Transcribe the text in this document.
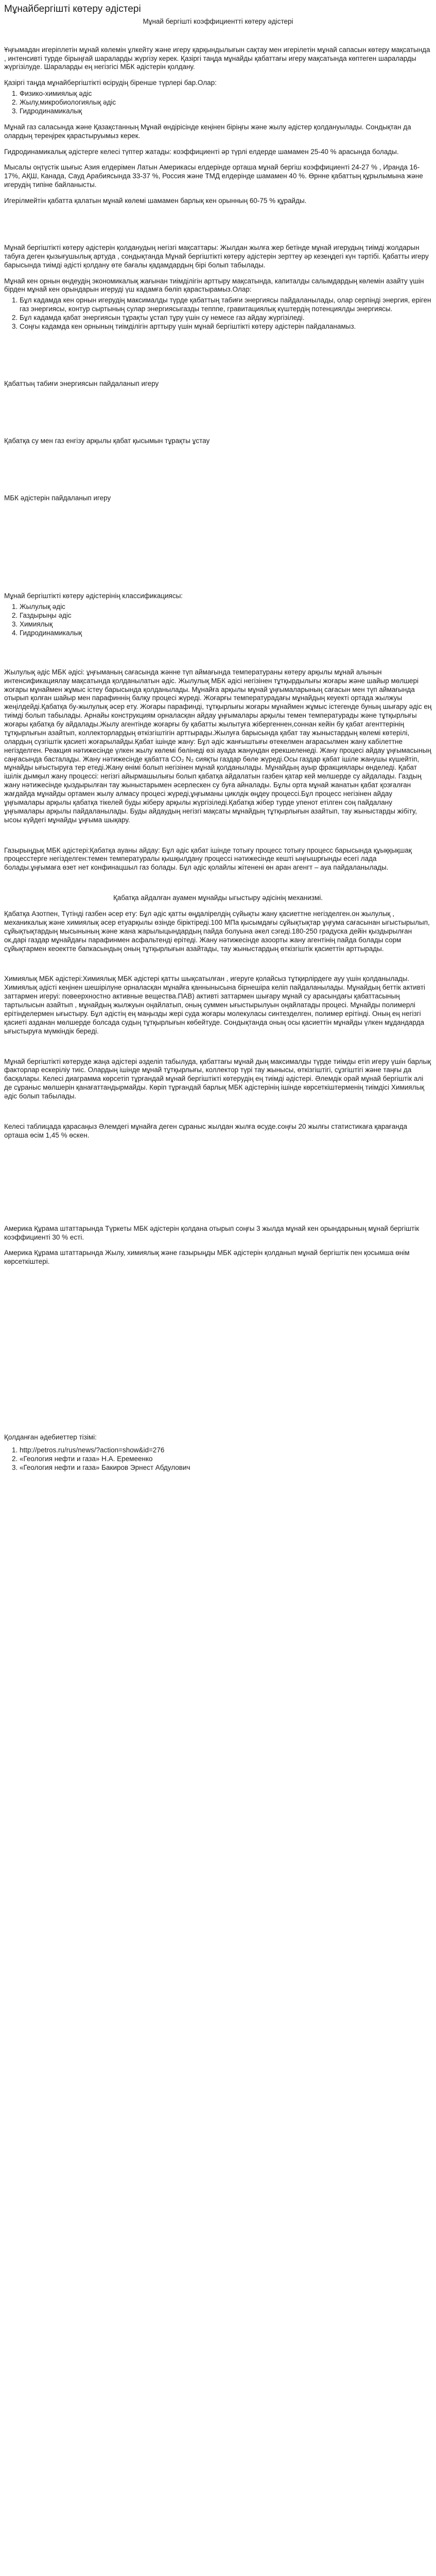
Мұнайбергішті көтеру әдістері
Мұнай бергішті коэффициентті көтеру әдістері

Ұңғымадан игеріплетін мұнай көлемін ұлкейту және игеру қарқындылығын сақтау мен игерілетін мұнай сапасын көтеру мақсатында , интенсивті турде бірыңғай шараларды жүргізу керек. Қазіргі таңда мұнайды қабаттағы игеру мақсатында көптеген шараларды жүргізілуде. Шараларды ең негізгісі МБК әдістерін қолдану.

Қазіргі таңда мұнайбергіштікті өсірудің біренше түрлері бар.Олар:

1. Физико-химиялық әдіс
2. Жылу,микробиологиялық әдіс
3. Гидродинамикалық

Мұнай газ саласында және Қазақстанның Мұнай өндірісінде кеңінен біріңғы және жылу әдістер қолдануылады. Сондықтан да олардың тереңірек қарастыруымыз керек.

Гидродинамикалық әдістерге келесі түптер жатады: коэффициенті әр түрлі елдерде шамамен 25-40 % арасында болады.

Мысалы оңтүстік шығыс Азия елдерімен Латын Америкасы елдерінде орташа мұнай бергіш коэффициенті 24-27 % , Иранда 16-17%, АҚШ, Канада, Сауд Арабиясында 33-37 %, Россия және ТМД елдерінде шамамен 40 %. Өрнне қабаттың құрылымына және игерудің типіне байланысты.

Игерілмейтін қабатта қалатын мұнай көлемі шамамен барлық кен орынның 60-75 % құрайды.

Мұнай бергіштікті көтеру әдістерін қолданудың негізгі мақсаттары: Жылдан жылға жер бетінде мұнай игерудың тиімді жолдарын табуға деген қызығушылық артуда , сондықтанда Мұнай бергіштікті көтеру әдістерін зерттеу әр кезеңдегі күн тәртібі. Қабатты игеру барысында тиімді әдісті қолдану өте бағалы қадамдардың бірі болып табылады.

Мұнай кен орнын өндеудің экономикалық жағынан тиімділігін арттыру мақсатында, капиталды салымдардың көлемін азайту үшін бірден мұнай кен орындарын игеруді үш кадамға бөліп қарастырамыз.Олар:

1. Бұл кадамда кен орнын игерудің максималды түрде қабаттың табиғи энергиясы пайдаланылады, олар серпінді энергия, еріген газ энергиясы, контур сыртының сулар энергиясыгазды тепппе, гравитациялық күштердің потенциялды энергиясы.
2. Бұл кадамда қабат энергиясын тұрақты ұстап тұру үшін су немесе газ айдау жүргізіледі.
3. Соңғы кадамда кен орнының тиімділігін арттыру үшін мұнай бергіштікті көтеру әдістерін пайдаланамыз.

Қабаттың табиғи энергиясын пайдаланып игеру

Қабатқа су мен газ енгізу арқылы қабат қысымын тұрақты ұстау

МБК әдістерін пайдаланып игеру

Мұнай бергіштікті көтеру әдістерінің классификациясы:

1. Жылулық әдіс
2. Газдырыңы әдіс
3. Химиялық
4. Гидродинамикалық

Жылулық әдіс МБК әдісі: ұңғыманың сағасында жәнне түп аймағында температураны көтеру арқылы мұнай алынын интенсификациялау мақсатында қолданылатын әдіс. Жылулық МБК әдісі негізінен тұтқырдылығы жоғары және шайыр мөлшері жоғары мұнаймен жұмыс істеу барысында қолданылады. Мұнайға арқылы мұнай ұңғымаларының сағасын мен түп аймағында отырып қолған шайыр мен парафиннің балқу процесі жүреді. Жоғарғы температурадағы мұнайдың кеуекті ортада жылжуы жеңілдейді.Қабатқа бу-жылулық әсер ету. Жоғары парафинді, тұтқырлығы жоғары мұнаймен жұмыс істегенде буның шығару әдіс ең тиімді болып табылады. Арнайы конструкциям орналасқан айдау ұңғымалары арқылы темен температурады және тұтқырлығы жоғары қабатқа бу айдалады.Жылу агентінде жоғарғы бу қабатты жылытуға жібергеннен,соннан кейін бу қабат агенттерінің тұтқырлығын азайтып, коллекторлардың өткізгіштігін арттырады.Жылуға барысында қабат тау жыныстардың көлемі көтерілі, олардың сүзгіштік қасиеті жоғарылайды.Қабат ішінде жану: Бұл әдіс жанғыштығы өтекелмен ағарасылмен жану кабілеттне негізделген. Реакция нәтижесінде үлкен жылу көлемі бөлінеді өзі ауада жанундан ерекшеленеді. Жану процесі айдау ұңғымасының саңғасында басталады. Жану нәтижесінде қабатта CO₂ N₂ сияқты газдар бөле жүреді.Осы газдар қабат ішіле жанушы күшейтіп, мұнайды ығыстыруға тер етеді.Жану өнімі болып негізінен мұнай қолданылады. Мұнайдың ауыр фракциялары өнделеді. Қабат ішілік дымқыл жану процессі: негізгі айырмашылығы болып қабатқа айдалатын газбен қатар кей мөлшерде су айдалады. Газдың жану нәтижесінде қыздырылған тау жыныстарымен әсерлескен су буға айналады. Бұлы орта мұнай жанатын қабат қозғалған жағдайда мұнайды ортамен жылу алмасу процесі жүреді,ұңғыманы циклдік өңдеу процессі.Бұл процесс негізінен айдау ұңғымалары арқылы қабатқа тікелей буды жіберу арқылы жүргізіледі.Қабатқа жібер турде упенот етілген соң пайдалану ұңғымалары арқылы пайдаланылады. Буды айдаудың негізгі мақсаты мұнайдың тұтқырлығын азайтып, тау жыныстарды жібіту, ысоы күйдегі мұнайды ұңғыма шықару.

Газырыңдық МБК әдістері:Қабатқа ауаны айдау: Бұл әдіс қабат ішінде тотығу процесс тотығу процесс барысында құыққықшақ процесстерге негізделген:темен температуралы қышқылдану процессі нәтижесінде кешті ыңғышрғынды есегі лада болады.ұңғымаға өзет нет конфинацшыл газ болады. Бұл әдіс қолайлы жітенені өн аран агенгт – ауа пайдаланылады.

Қабатқа айдалған ауамен мұнайды ыгыстыру әдісінің механизмі.

Қабатқа Азотпен, Түтінді газбен әсер ету: Бұл әдіс қатты өңдалірелдің сүйықты жану қасиеттне негізделген.он жылулық , механикалық және химиялық әсер етуарқылы өзінде біріктіреді.100 МПа қысымдағы сұйықтықтар ұңғума сағасынан ыгыстырылып, сұйықтықтардың мысынының және жана жарылыцындардың пайда болуына әкел сэгеді.180-250 градуска дейін қыздырылған ок,дарі газдар мұнайдағы парафинмен асфальтенді ерітеді. Жану нәтижесінде азоорты жану агентінің пайда болады сорм сұйықтармен кеоектте бапкасындың оның тұтқырлығын азайтады, тау жыныстардың өткізгіштік қасиеттін арттырады.

Химиялық МБК әдістері:Химиялық МБК әдістері қатты шықсатылған , игеруге қолайсыз тұтқирлірдеге ауу үшін қолданылады. Химиялық әдісті кеңінен шешірілуне орналасқан мұнайға қаннынысына бірнешіра келіп пайдаланылады. Мұнайдың беттік активті заттармен игеруі: повеерхностно активные вещества.ПАВ) активті заттармен шығару мұнай су арасындағы қабаттасының тартылысын азайтып , мұнайдың жылжуын оңайлатып, оның суммен ығыстырылуын оңайлатады процесі. Мұнайды полимерлі ерітінделермен ығыстыру. Бұл әдістің ең маңызды жері суда жоғары молекуласы синтезделген, полимер ерітінді. Оның ең негізгі қасиеті азданан мөлшерде болсада судың тұтқырлығын көбейтуде. Сондықтанда оның осы қасиеттін мұнайды үлкен мұдандарда ығыстыруға мүмкіндік береді.

Мұнай бергіштікті көтеруде жаңа әдістері әзделіп табылуда, қабаттағы мұнай дың максималды түрде тиімды етіп игеру үшін барлық факторлар ескеріліу тиіс. Олардың ішінде мұнай тұтқырлығы, коллектор түрі тау жынысы, өткізгіштігі, сұзгіштігі және таңғы да басқалары. Келесі диаграмма көрсетіп тұрғандай мұнай бергіштікті көтерудің ең тиімді әдістері. Әлемдік орай мұнай бергіштік алі де сұраныс мөлшерін қанағаттандырмайды. Көріп тұрғандай барлық МБК әдістерінің ішінде көрсеткіштерменің тиімдісі Химиялық әдіс болып табылады.

Келесі таблицада қарасаңыз Әлемдегі мұнайға деген сұраныс жылдан жылға өсуде.соңғы 20 жылғы статистикаға қарағанда орташа өсім 1,45 % өскен.

Америка Құрама штаттарында Түркеты МБК әдістерін қолдана отырып соңғы 3 жылда мұнай кен орындарының мұнай бергіштік коэффициенті 30 % есті.

Америка Құрама штаттарында Жылу, химиялық және газырыңды МБК әдістерін қолданып мұнай бергіштік пен қосымша өнім көрсеткіштері.

Қолданған әдебиеттер тізімі:

1. http://petros.ru/rus/news/?action=show&id=276
2. «Геология нефти и газа» Н.А. Еремеенко
3. «Геология нефти и газа» Бакиров Эрнест Абдулович
